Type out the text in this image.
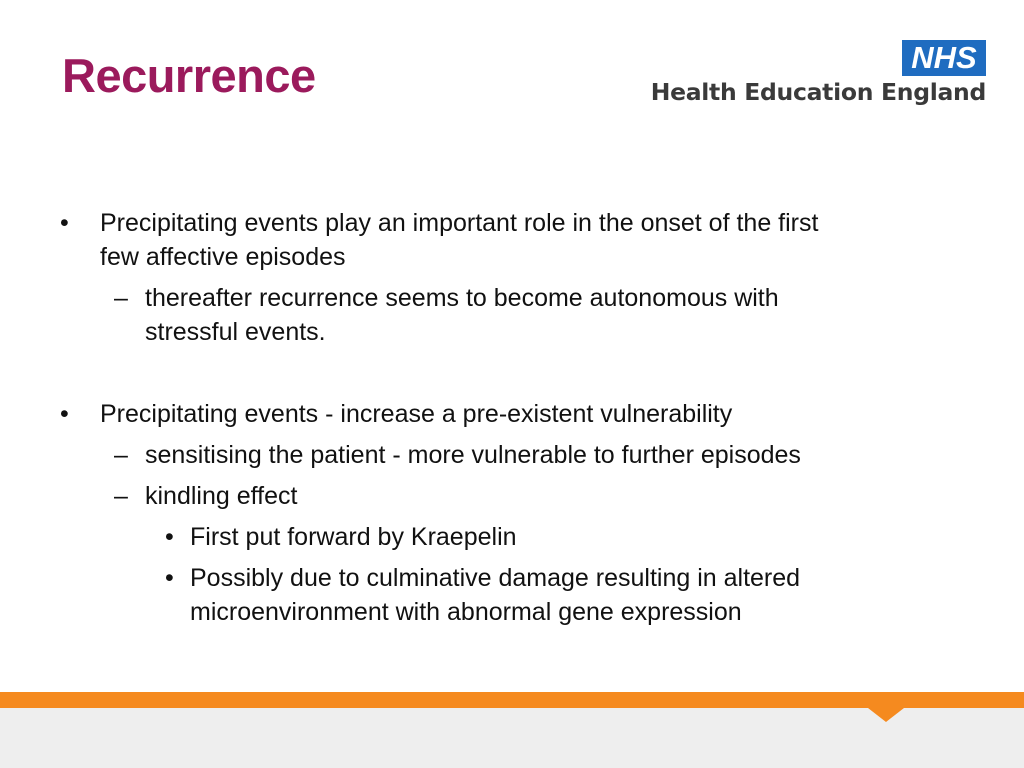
Recurrence	NHS
Health Education England
• Precipitating events play an important role in the onset of the first
few affective episodes
– thereafter recurrence seems to become autonomous with
stressful events.
• Precipitating events - increase a pre-existent vulnerability
– sensitising the patient - more vulnerable to further episodes
– kindling effect
• First put forward by Kraepelin
• Possibly due to culminative damage resulting in altered
microenvironment with abnormal gene expression
